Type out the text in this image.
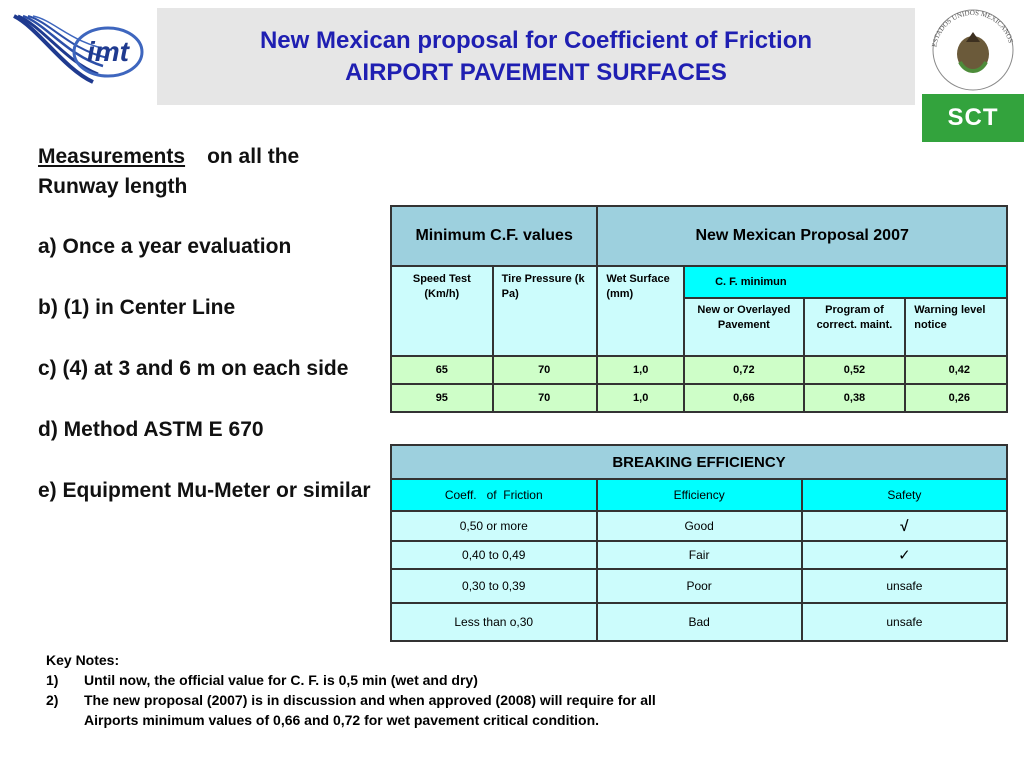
imt	New Mexican proposal for Coefficient of Friction
AIRPORT PAVEMENT SURFACES
ESTADOS UNIDOS MEXICANOS
SCT
Measurements on all the Runway length
a) Once a year evaluation
b) (1) in Center Line
c) (4) at 3 and 6 m on each side
d) Method ASTM E 670
e) Equipment Mu-Meter or similar
Minimum C.F. values		New Mexican Proposal 2007			
Speed Test (Km/h)	Tire Pressure (k Pa)	Wet Surface (mm)	C. F. minimun		
			New or Overlayed Pavement	Program of correct. maint.	Warning level notice
65	70	1,0	0,72	0,52	0,42
95	70	1,0	0,66	0,38	0,26
BREAKING EFFICIENCY		
Coeff.   of  Friction	Efficiency	Safety
0,50 or more	Good	√
0,40 to 0,49	Fair	✓
0,30 to 0,39	Poor	unsafe
Less than o,30	Bad	unsafe
Key Notes:
1)	Until now, the official value for C. F. is 0,5 min (wet and dry)
2)	The new proposal (2007) is in discussion and when approved (2008) will require for all Airports minimum values of 0,66 and 0,72 for wet pavement critical condition.
